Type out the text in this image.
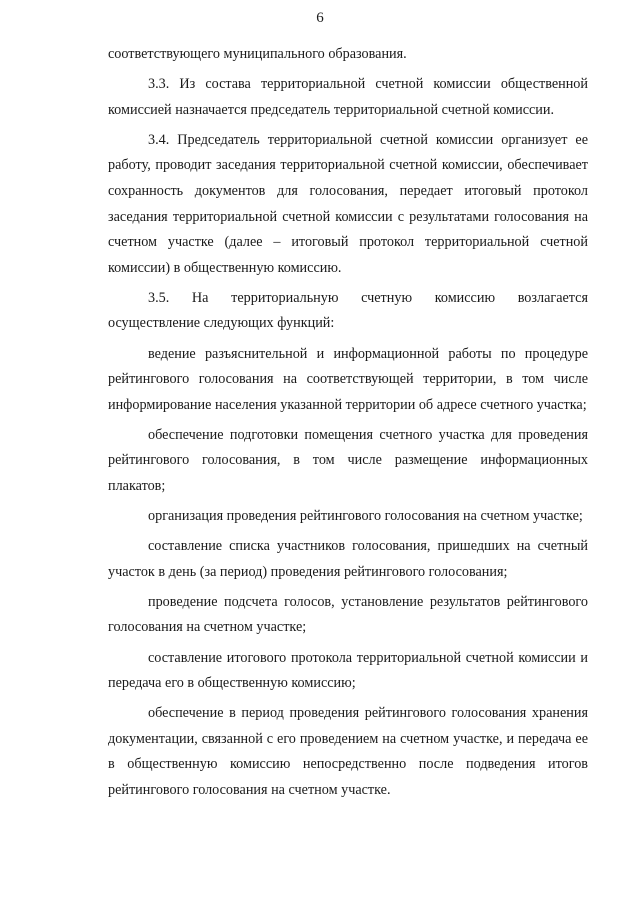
6

соответствующего муниципального образования.

3.3. Из состава территориальной счетной комиссии общественной комиссией назначается председатель территориальной счетной комиссии.

3.4. Председатель территориальной счетной комиссии организует ее работу, проводит заседания территориальной счетной комиссии, обеспечивает сохранность документов для голосования, передает итоговый протокол заседания территориальной счетной комиссии с результатами голосования на счетном участке (далее – итоговый протокол территориальной счетной комиссии) в общественную комиссию.

3.5. На территориальную счетную комиссию возлагается осуществление следующих функций:

ведение разъяснительной и информационной работы по процедуре рейтингового голосования на соответствующей территории, в том числе информирование населения указанной территории об адресе счетного участка;

обеспечение подготовки помещения счетного участка для проведения рейтингового голосования, в том числе размещение информационных плакатов;

организация проведения рейтингового голосования на счетном участке;

составление списка участников голосования, пришедших на счетный участок в день (за период) проведения рейтингового голосования;

проведение подсчета голосов, установление результатов рейтингового голосования на счетном участке;

составление итогового протокола территориальной счетной комиссии и передача его в общественную комиссию;

обеспечение в период проведения рейтингового голосования хранения документации, связанной с его проведением на счетном участке, и передача ее в общественную комиссию непосредственно после подведения итогов рейтингового голосования на счетном участке.
